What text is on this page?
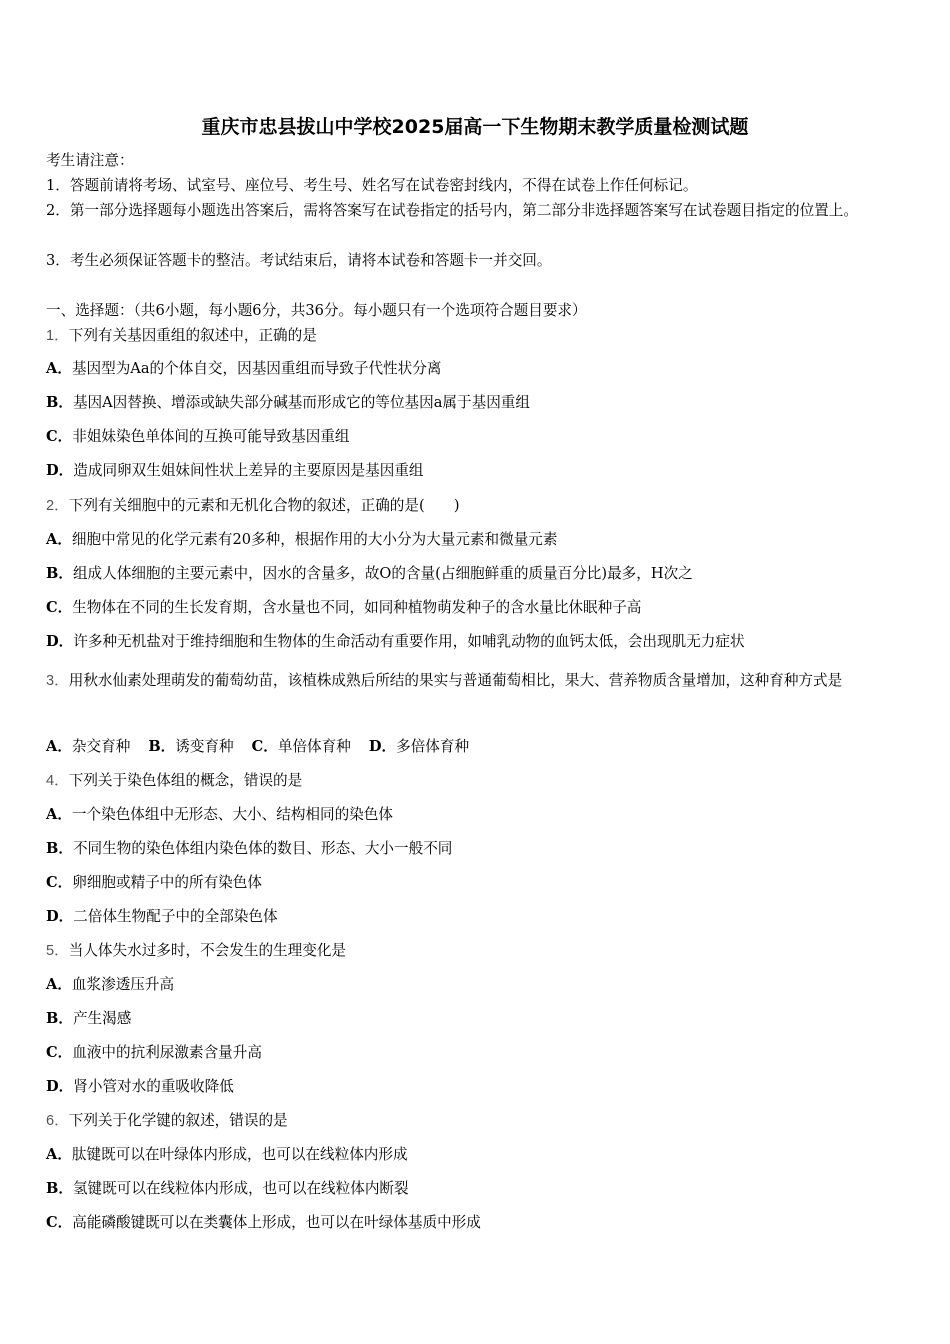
重庆市忠县拔山中学校2025届高一下生物期末教学质量检测试题
考生请注意：
1．答题前请将考场、试室号、座位号、考生号、姓名写在试卷密封线内，不得在试卷上作任何标记。
2．第一部分选择题每小题选出答案后，需将答案写在试卷指定的括号内，第二部分非选择题答案写在试卷题目指定的位置上。
3．考生必须保证答题卡的整洁。考试结束后，请将本试卷和答题卡一并交回。
一、选择题：（共6小题，每小题6分，共36分。每小题只有一个选项符合题目要求）
1．下列有关基因重组的叙述中，正确的是
A．基因型为Aa的个体自交，因基因重组而导致子代性状分离
B．基因A因替换、增添或缺失部分碱基而形成它的等位基因a属于基因重组
C．非姐妹染色单体间的互换可能导致基因重组
D．造成同卵双生姐妹间性状上差异的主要原因是基因重组
2．下列有关细胞中的元素和无机化合物的叙述，正确的是(　　)
A．细胞中常见的化学元素有20多种，根据作用的大小分为大量元素和微量元素
B．组成人体细胞的主要元素中，因水的含量多，故O的含量(占细胞鲜重的质量百分比)最多，H次之
C．生物体在不同的生长发育期，含水量也不同，如同种植物萌发种子的含水量比休眠种子高
D．许多种无机盐对于维持细胞和生物体的生命活动有重要作用，如哺乳动物的血钙太低，会出现肌无力症状
3．用秋水仙素处理萌发的葡萄幼苗，该植株成熟后所结的果实与普通葡萄相比，果大、营养物质含量增加，这种育种方式是
A．杂交育种 B．诱变育种 C．单倍体育种 D．多倍体育种
4．下列关于染色体组的概念，错误的是
A．一个染色体组中无形态、大小、结构相同的染色体
B．不同生物的染色体组内染色体的数目、形态、大小一般不同
C．卵细胞或精子中的所有染色体
D．二倍体生物配子中的全部染色体
5．当人体失水过多时，不会发生的生理变化是
A．血浆渗透压升高
B．产生渴感
C．血液中的抗利尿激素含量升高
D．肾小管对水的重吸收降低
6．下列关于化学键的叙述，错误的是
A．肽键既可以在叶绿体内形成，也可以在线粒体内形成
B．氢键既可以在线粒体内形成，也可以在线粒体内断裂
C．高能磷酸键既可以在类囊体上形成，也可以在叶绿体基质中形成
